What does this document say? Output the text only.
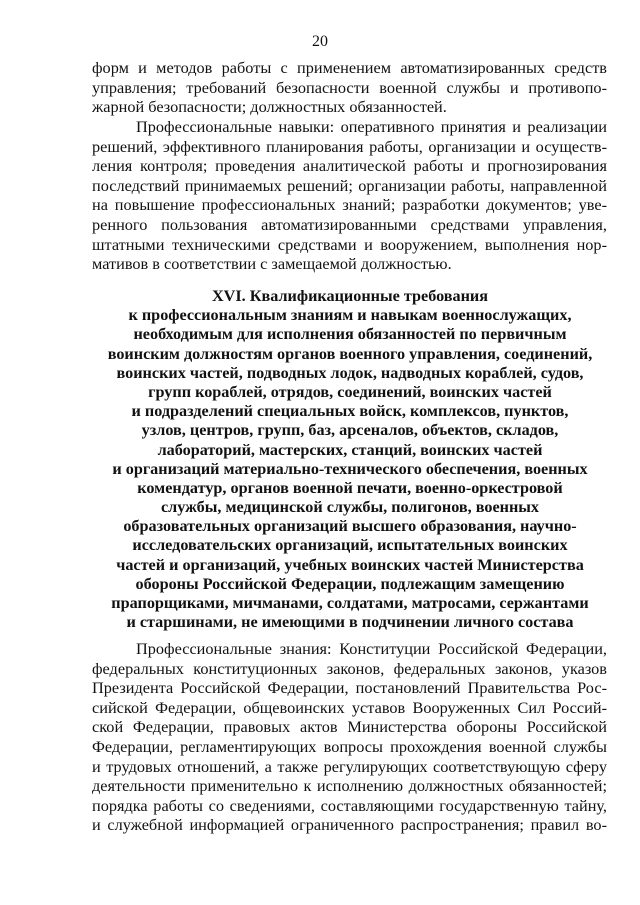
20
форм и методов работы с применением автоматизированных средств
управления; требований безопасности военной службы и противопо-
жарной безопасности; должностных обязанностей.
Профессиональные навыки: оперативного принятия и реализации
решений, эффективного планирования работы, организации и осуществ-
ления контроля; проведения аналитической работы и прогнозирования
последствий принимаемых решений; организации работы, направленной
на повышение профессиональных знаний; разработки документов; уве-
ренного пользования автоматизированными средствами управления,
штатными техническими средствами и вооружением, выполнения нор-
мативов в соответствии с замещаемой должностью.
XVI. Квалификационные требования
к профессиональным знаниям и навыкам военнослужащих,
необходимым для исполнения обязанностей по первичным
воинским должностям органов военного управления, соединений,
воинских частей, подводных лодок, надводных кораблей, судов,
групп кораблей, отрядов, соединений, воинских частей
и подразделений специальных войск, комплексов, пунктов,
узлов, центров, групп, баз, арсеналов, объектов, складов,
лабораторий, мастерских, станций, воинских частей
и организаций материально-технического обеспечения, военных
комендатур, органов военной печати, военно-оркестровой
службы, медицинской службы, полигонов, военных
образовательных организаций высшего образования, научно-
исследовательских организаций, испытательных воинских
частей и организаций, учебных воинских частей Министерства
обороны Российской Федерации, подлежащим замещению
прапорщиками, мичманами, солдатами, матросами, сержантами
и старшинами, не имеющими в подчинении личного состава
Профессиональные знания: Конституции Российской Федерации,
федеральных конституционных законов, федеральных законов, указов
Президента Российской Федерации, постановлений Правительства Рос-
сийской Федерации, общевоинских уставов Вооруженных Сил Россий-
ской Федерации, правовых актов Министерства обороны Российской
Федерации, регламентирующих вопросы прохождения военной службы
и трудовых отношений, а также регулирующих соответствующую сферу
деятельности применительно к исполнению должностных обязанностей;
порядка работы со сведениями, составляющими государственную тайну,
и служебной информацией ограниченного распространения; правил во-
